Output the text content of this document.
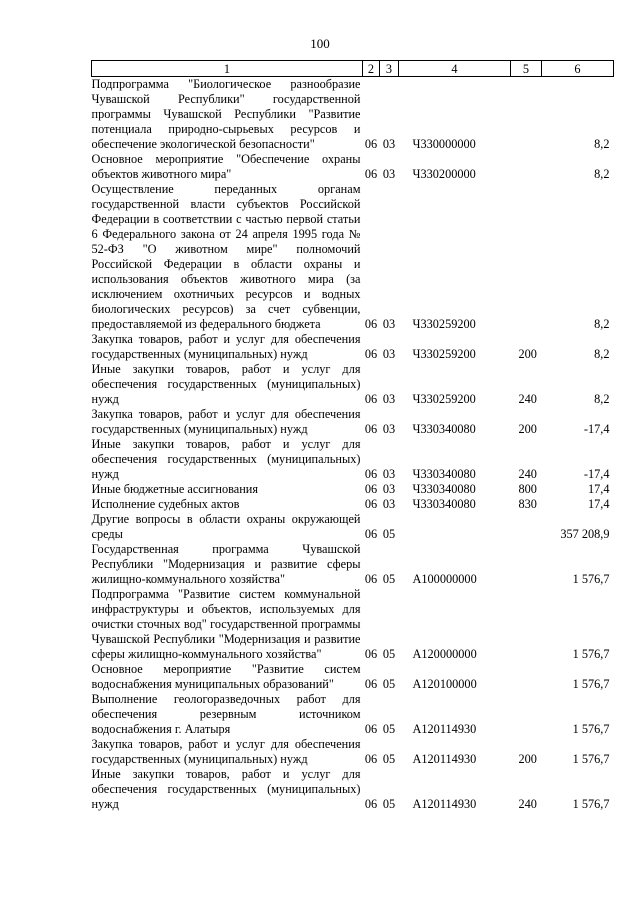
100
1	2	3	4	5	6
Подпрограмма "Биологическое разнообразие Чувашской Республики" государственной программы Чувашской Республики "Развитие потенциала природно-сырьевых ресурсов и обеспечение экологической безопасности"	06	03	Ч330000000		8,2
Основное мероприятие "Обеспечение охраны объектов животного мира"	06	03	Ч330200000		8,2
Осуществление переданных органам государственной власти субъектов Российской Федерации в соответствии с частью первой статьи 6 Федерального закона от 24 апреля 1995 года № 52-ФЗ "О животном мире" полномочий Российской Федерации в области охраны и использования объектов животного мира (за исключением охотничьих ресурсов и водных биологических ресурсов) за счет субвенции, предоставляемой из федерального бюджета	06	03	Ч330259200		8,2
Закупка товаров, работ и услуг для обеспечения государственных (муниципальных) нужд	06	03	Ч330259200	200	8,2
Иные закупки товаров, работ и услуг для обеспечения государственных (муниципальных) нужд	06	03	Ч330259200	240	8,2
Закупка товаров, работ и услуг для обеспечения государственных (муниципальных) нужд	06	03	Ч330340080	200	-17,4
Иные закупки товаров, работ и услуг для обеспечения государственных (муниципальных) нужд	06	03	Ч330340080	240	-17,4
Иные бюджетные ассигнования	06	03	Ч330340080	800	17,4
Исполнение судебных актов	06	03	Ч330340080	830	17,4
Другие вопросы в области охраны окружающей среды	06	05			357 208,9
Государственная программа Чувашской Республики "Модернизация и развитие сферы жилищно-коммунального хозяйства"	06	05	A100000000		1 576,7
Подпрограмма "Развитие систем коммунальной инфраструктуры и объектов, используемых для очистки сточных вод" государственной программы Чувашской Республики "Модернизация и развитие сферы жилищно-коммунального хозяйства"	06	05	A120000000		1 576,7
Основное мероприятие "Развитие систем водоснабжения муниципальных образований"	06	05	A120100000		1 576,7
Выполнение геологоразведочных работ для обеспечения резервным источником водоснабжения г. Алатыря	06	05	A120114930		1 576,7
Закупка товаров, работ и услуг для обеспечения государственных (муниципальных) нужд	06	05	A120114930	200	1 576,7
Иные закупки товаров, работ и услуг для обеспечения государственных (муниципальных) нужд	06	05	A120114930	240	1 576,7
